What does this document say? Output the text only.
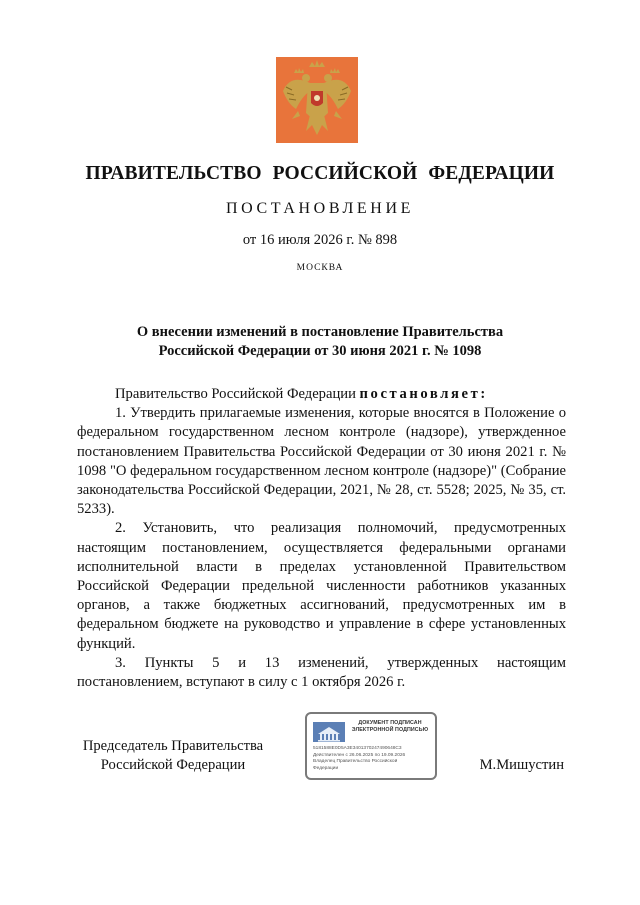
ПРАВИТЕЛЬСТВО РОССИЙСКОЙ ФЕДЕРАЦИИ
ПОСТАНОВЛЕНИЕ
от 16 июля 2026 г. № 898
МОСКВА
О внесении изменений в постановление Правительства
Российской Федерации от 30 июня 2021 г. № 1098

Правительство Российской Федерации постановляет:

1. Утвердить прилагаемые изменения, которые вносятся в Положение о федеральном государственном лесном контроле (надзоре), утвержденное постановлением Правительства Российской Федерации от 30 июня 2021 г. № 1098 "О федеральном государственном лесном контроле (надзоре)" (Собрание законодательства Российской Федерации, 2021, № 28, ст. 5528; 2025, № 35, ст. 5233).

2. Установить, что реализация полномочий, предусмотренных настоящим постановлением, осуществляется федеральными органами исполнительной власти в пределах установленной Правительством Российской Федерации предельной численности работников указанных органов, а также бюджетных ассигнований, предусмотренных им в федеральном бюджете на руководство и управление в сфере установленных функций.

3. Пункты 5 и 13 изменений, утвержденных настоящим постановлением, вступают в силу с 1 октября 2026 г.

Председатель Правительства
Российской Федерации
ДОКУМЕНТ ПОДПИСАН
ЭЛЕКТРОННОЙ ПОДПИСЬЮ
5181588E0D5A3E3401370247490648C3
Действителен с 26.06.2025 по 19.09.2026
Владелец Правительство Российской
Федерации	М.Мишустин
